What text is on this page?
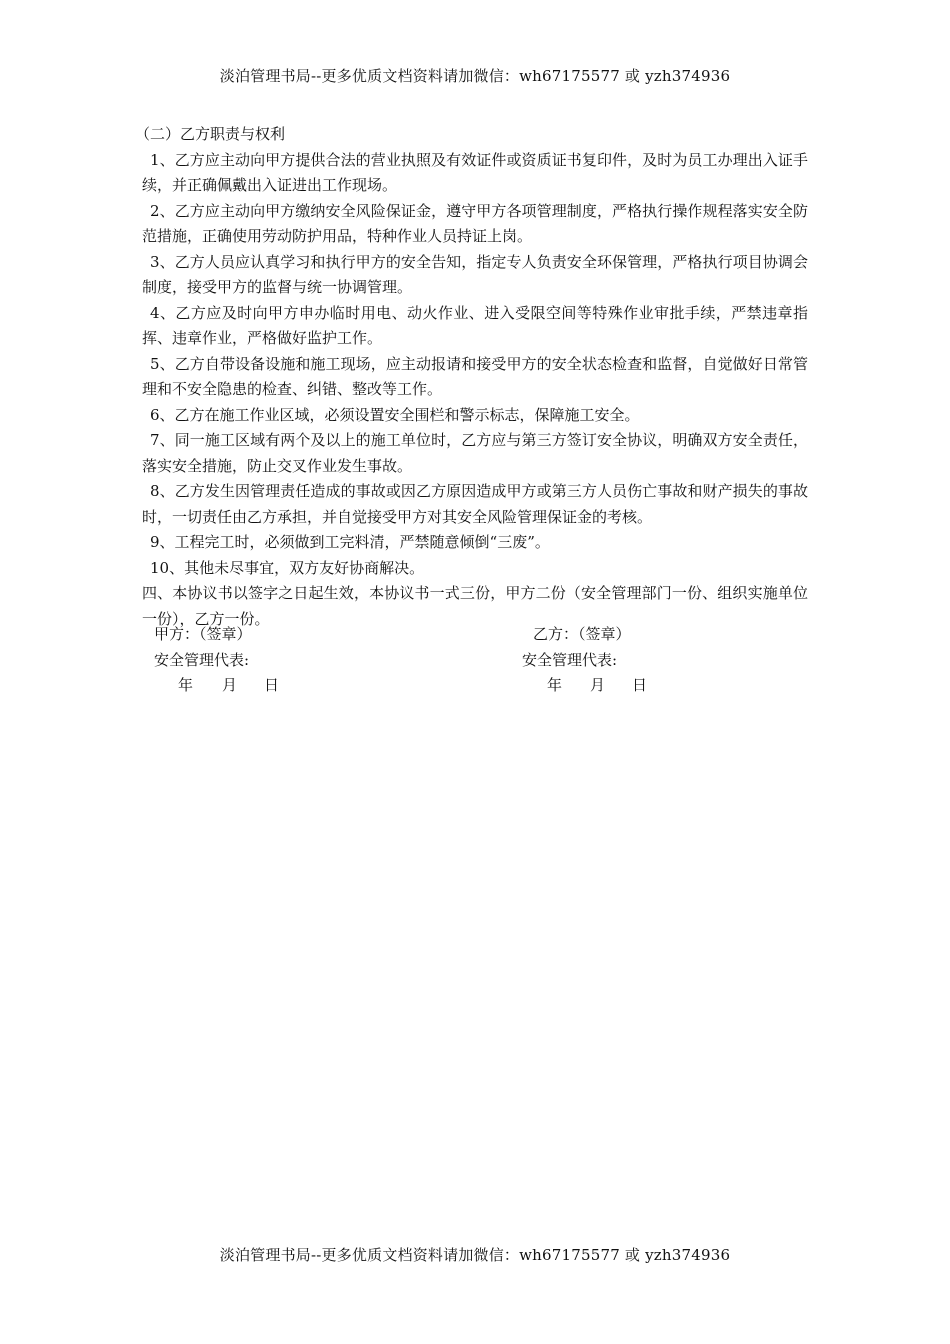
淡泊管理书局--更多优质文档资料请加微信：wh67175577 或 yzh374936

（二）乙方职责与权利

1、乙方应主动向甲方提供合法的营业执照及有效证件或资质证书复印件，及时为员工办理出入证手续，并正确佩戴出入证进出工作现场。

2、乙方应主动向甲方缴纳安全风险保证金，遵守甲方各项管理制度，严格执行操作规程落实安全防范措施，正确使用劳动防护用品，特种作业人员持证上岗。

3、乙方人员应认真学习和执行甲方的安全告知，指定专人负责安全环保管理，严格执行项目协调会制度，接受甲方的监督与统一协调管理。

4、乙方应及时向甲方申办临时用电、动火作业、进入受限空间等特殊作业审批手续，严禁违章指挥、违章作业，严格做好监护工作。

5、乙方自带设备设施和施工现场，应主动报请和接受甲方的安全状态检查和监督，自觉做好日常管理和不安全隐患的检查、纠错、整改等工作。

6、乙方在施工作业区域，必须设置安全围栏和警示标志，保障施工安全。

7、同一施工区域有两个及以上的施工单位时，乙方应与第三方签订安全协议，明确双方安全责任，落实安全措施，防止交叉作业发生事故。

8、乙方发生因管理责任造成的事故或因乙方原因造成甲方或第三方人员伤亡事故和财产损失的事故时，一切责任由乙方承担，并自觉接受甲方对其安全风险管理保证金的考核。

9、工程完工时，必须做到工完料清，严禁随意倾倒“三废”。

10、其他未尽事宜，双方友好协商解决。

四、本协议书以签字之日起生效，本协议书一式三份，甲方二份（安全管理部门一份、组织实施单位一份），乙方一份。

甲方：（签章）	乙方：（签章）
安全管理代表:	安全管理代表:
年 月 日	年 月 日
淡泊管理书局--更多优质文档资料请加微信：wh67175577 或 yzh374936
